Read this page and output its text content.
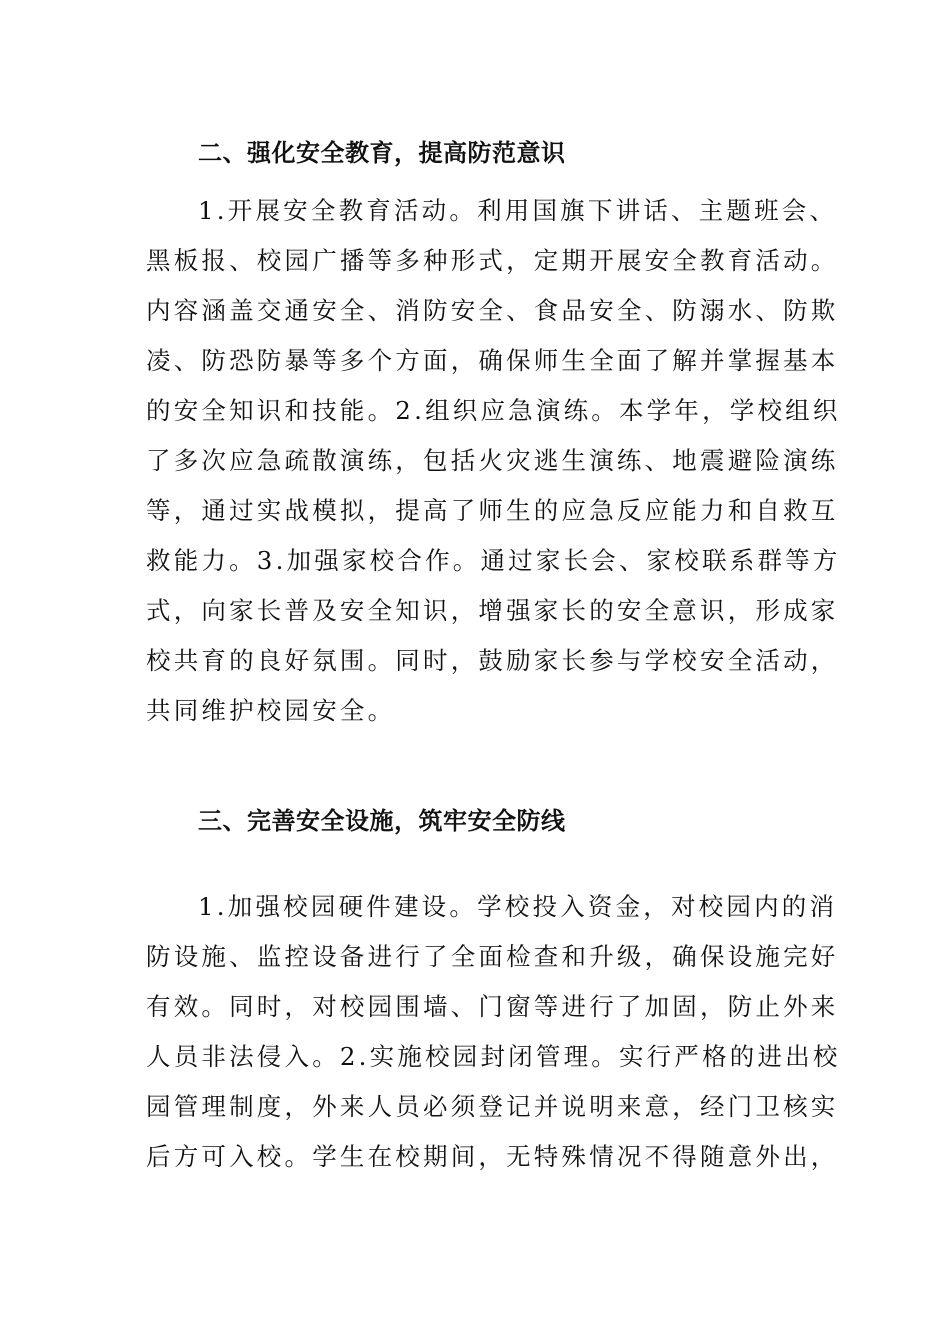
二、强化安全教育，提高防范意识
1.开展安全教育活动。利用国旗下讲话、主题班会、
黑板报、校园广播等多种形式，定期开展安全教育活动。
内容涵盖交通安全、消防安全、食品安全、防溺水、防欺
凌、防恐防暴等多个方面，确保师生全面了解并掌握基本
的安全知识和技能。2.组织应急演练。本学年，学校组织
了多次应急疏散演练，包括火灾逃生演练、地震避险演练
等，通过实战模拟，提高了师生的应急反应能力和自救互
救能力。3.加强家校合作。通过家长会、家校联系群等方
式，向家长普及安全知识，增强家长的安全意识，形成家
校共育的良好氛围。同时，鼓励家长参与学校安全活动，
共同维护校园安全。
三、完善安全设施，筑牢安全防线
1.加强校园硬件建设。学校投入资金，对校园内的消
防设施、监控设备进行了全面检查和升级，确保设施完好
有效。同时，对校园围墙、门窗等进行了加固，防止外来
人员非法侵入。2.实施校园封闭管理。实行严格的进出校
园管理制度，外来人员必须登记并说明来意，经门卫核实
后方可入校。学生在校期间，无特殊情况不得随意外出，
